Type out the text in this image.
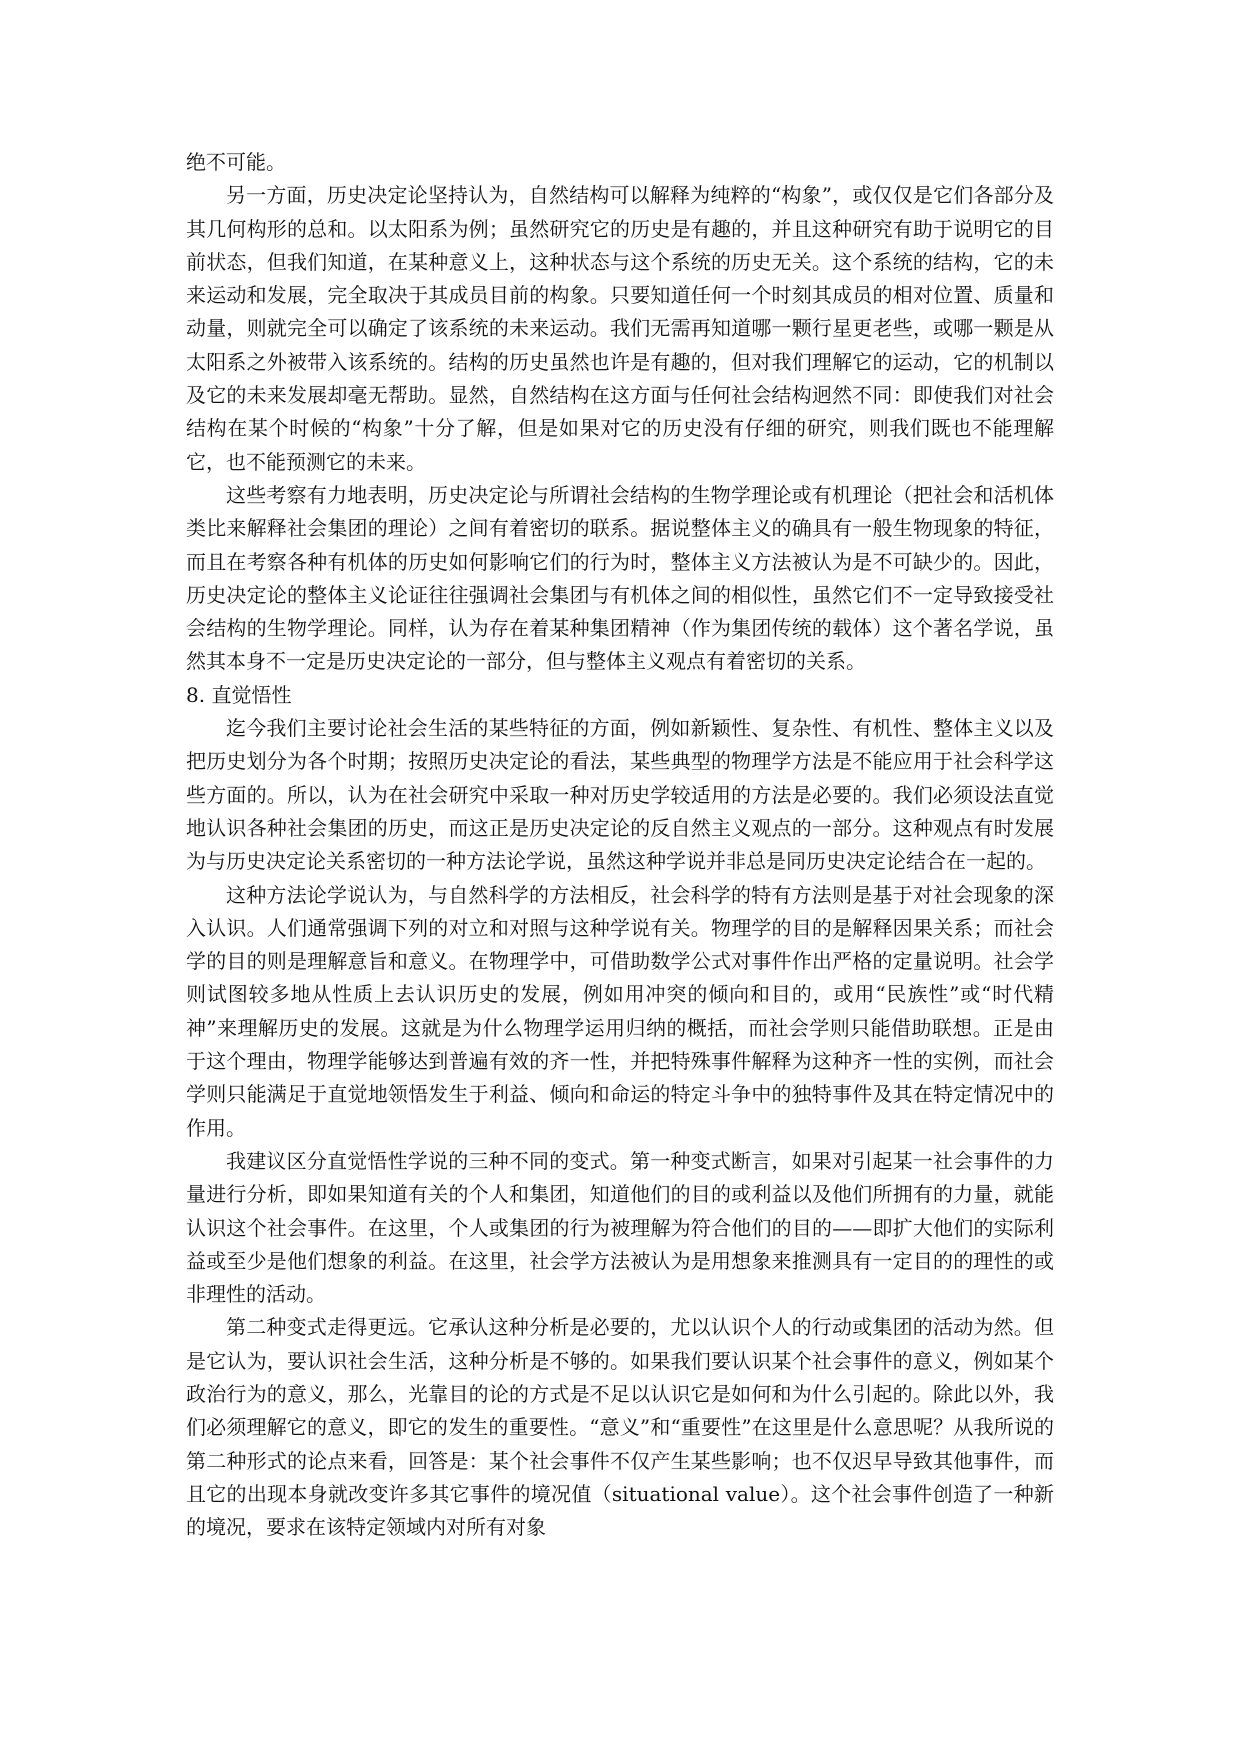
绝不可能。

另一方面，历史决定论坚持认为，自然结构可以解释为纯粹的“构象”，或仅仅是它们各部分及其几何构形的总和。以太阳系为例；虽然研究它的历史是有趣的，并且这种研究有助于说明它的目前状态，但我们知道，在某种意义上，这种状态与这个系统的历史无关。这个系统的结构，它的未来运动和发展，完全取决于其成员目前的构象。只要知道任何一个时刻其成员的相对位置、质量和动量，则就完全可以确定了该系统的未来运动。我们无需再知道哪一颗行星更老些，或哪一颗是从太阳系之外被带入该系统的。结构的历史虽然也许是有趣的，但对我们理解它的运动，它的机制以及它的未来发展却毫无帮助。显然，自然结构在这方面与任何社会结构迥然不同：即使我们对社会结构在某个时候的“构象”十分了解，但是如果对它的历史没有仔细的研究，则我们既也不能理解它，也不能预测它的未来。

这些考察有力地表明，历史决定论与所谓社会结构的生物学理论或有机理论（把社会和活机体类比来解释社会集团的理论）之间有着密切的联系。据说整体主义的确具有一般生物现象的特征，而且在考察各种有机体的历史如何影响它们的行为时，整体主义方法被认为是不可缺少的。因此，历史决定论的整体主义论证往往强调社会集团与有机体之间的相似性，虽然它们不一定导致接受社会结构的生物学理论。同样，认为存在着某种集团精神（作为集团传统的载体）这个著名学说，虽然其本身不一定是历史决定论的一部分，但与整体主义观点有着密切的关系。

8. 直觉悟性

迄今我们主要讨论社会生活的某些特征的方面，例如新颖性、复杂性、有机性、整体主义以及把历史划分为各个时期；按照历史决定论的看法，某些典型的物理学方法是不能应用于社会科学这些方面的。所以，认为在社会研究中采取一种对历史学较适用的方法是必要的。我们必须设法直觉地认识各种社会集团的历史，而这正是历史决定论的反自然主义观点的一部分。这种观点有时发展为与历史决定论关系密切的一种方法论学说，虽然这种学说并非总是同历史决定论结合在一起的。

这种方法论学说认为，与自然科学的方法相反，社会科学的特有方法则是基于对社会现象的深入认识。人们通常强调下列的对立和对照与这种学说有关。物理学的目的是解释因果关系；而社会学的目的则是理解意旨和意义。在物理学中，可借助数学公式对事件作出严格的定量说明。社会学则试图较多地从性质上去认识历史的发展，例如用冲突的倾向和目的，或用“民族性”或“时代精神”来理解历史的发展。这就是为什么物理学运用归纳的概括，而社会学则只能借助联想。正是由于这个理由，物理学能够达到普遍有效的齐一性，并把特殊事件解释为这种齐一性的实例，而社会学则只能满足于直觉地领悟发生于利益、倾向和命运的特定斗争中的独特事件及其在特定情况中的作用。

我建议区分直觉悟性学说的三种不同的变式。第一种变式断言，如果对引起某一社会事件的力量进行分析，即如果知道有关的个人和集团，知道他们的目的或利益以及他们所拥有的力量，就能认识这个社会事件。在这里，个人或集团的行为被理解为符合他们的目的——即扩大他们的实际利益或至少是他们想象的利益。在这里，社会学方法被认为是用想象来推测具有一定目的的理性的或非理性的活动。

第二种变式走得更远。它承认这种分析是必要的，尤以认识个人的行动或集团的活动为然。但是它认为，要认识社会生活，这种分析是不够的。如果我们要认识某个社会事件的意义，例如某个政治行为的意义，那么，光靠目的论的方式是不足以认识它是如何和为什么引起的。除此以外，我们必须理解它的意义，即它的发生的重要性。“意义”和“重要性”在这里是什么意思呢？从我所说的第二种形式的论点来看，回答是：某个社会事件不仅产生某些影响；也不仅迟早导致其他事件，而且它的出现本身就改变许多其它事件的境况值（situational value）。这个社会事件创造了一种新的境况，要求在该特定领域内对所有对象
